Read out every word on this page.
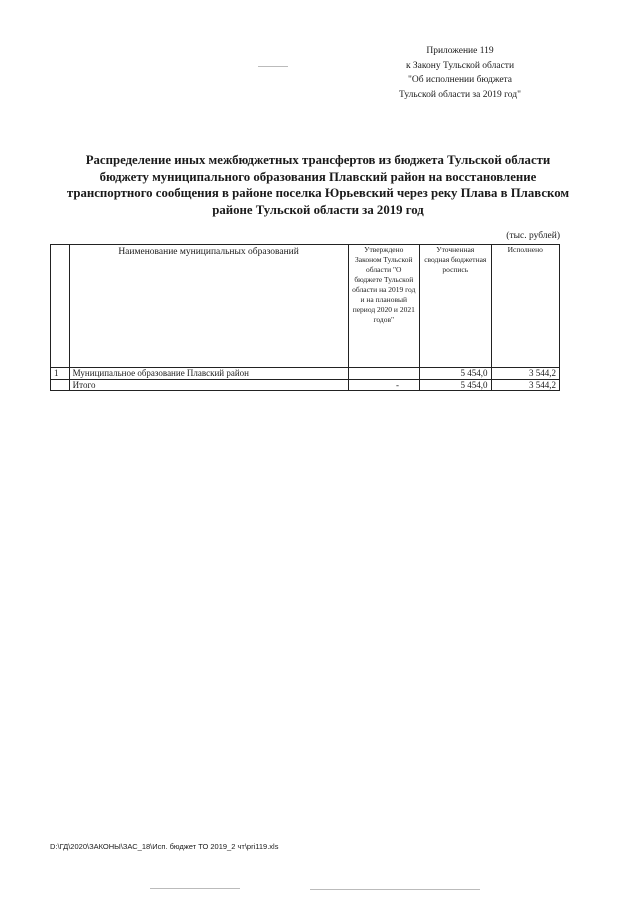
Приложение 119
к Закону Тульской области
"Об исполнении бюджета
Тульской области за 2019 год"
Распределение иных межбюджетных трансфертов из бюджета Тульской области
бюджету муниципального образования Плавский район на восстановление
транспортного сообщения в районе поселка Юрьевский через реку Плава в Плавском
районе Тульской области за 2019 год
(тыс. рублей)
	Наименование муниципальных образований	Утверждено Законом Тульской области "О бюджете Тульской области на 2019 год и на плановый период 2020 и 2021 годов"	Уточненная сводная бюджетная роспись	Исполнено
1	Муниципальное образование Плавский район		5 454,0	3 544,2
	Итого	-	5 454,0	3 544,2
D:\ГД\2020\ЗАКОНЫ\ЗАС_18\Исп. бюджет ТО 2019_2 чт\pri119.xls
